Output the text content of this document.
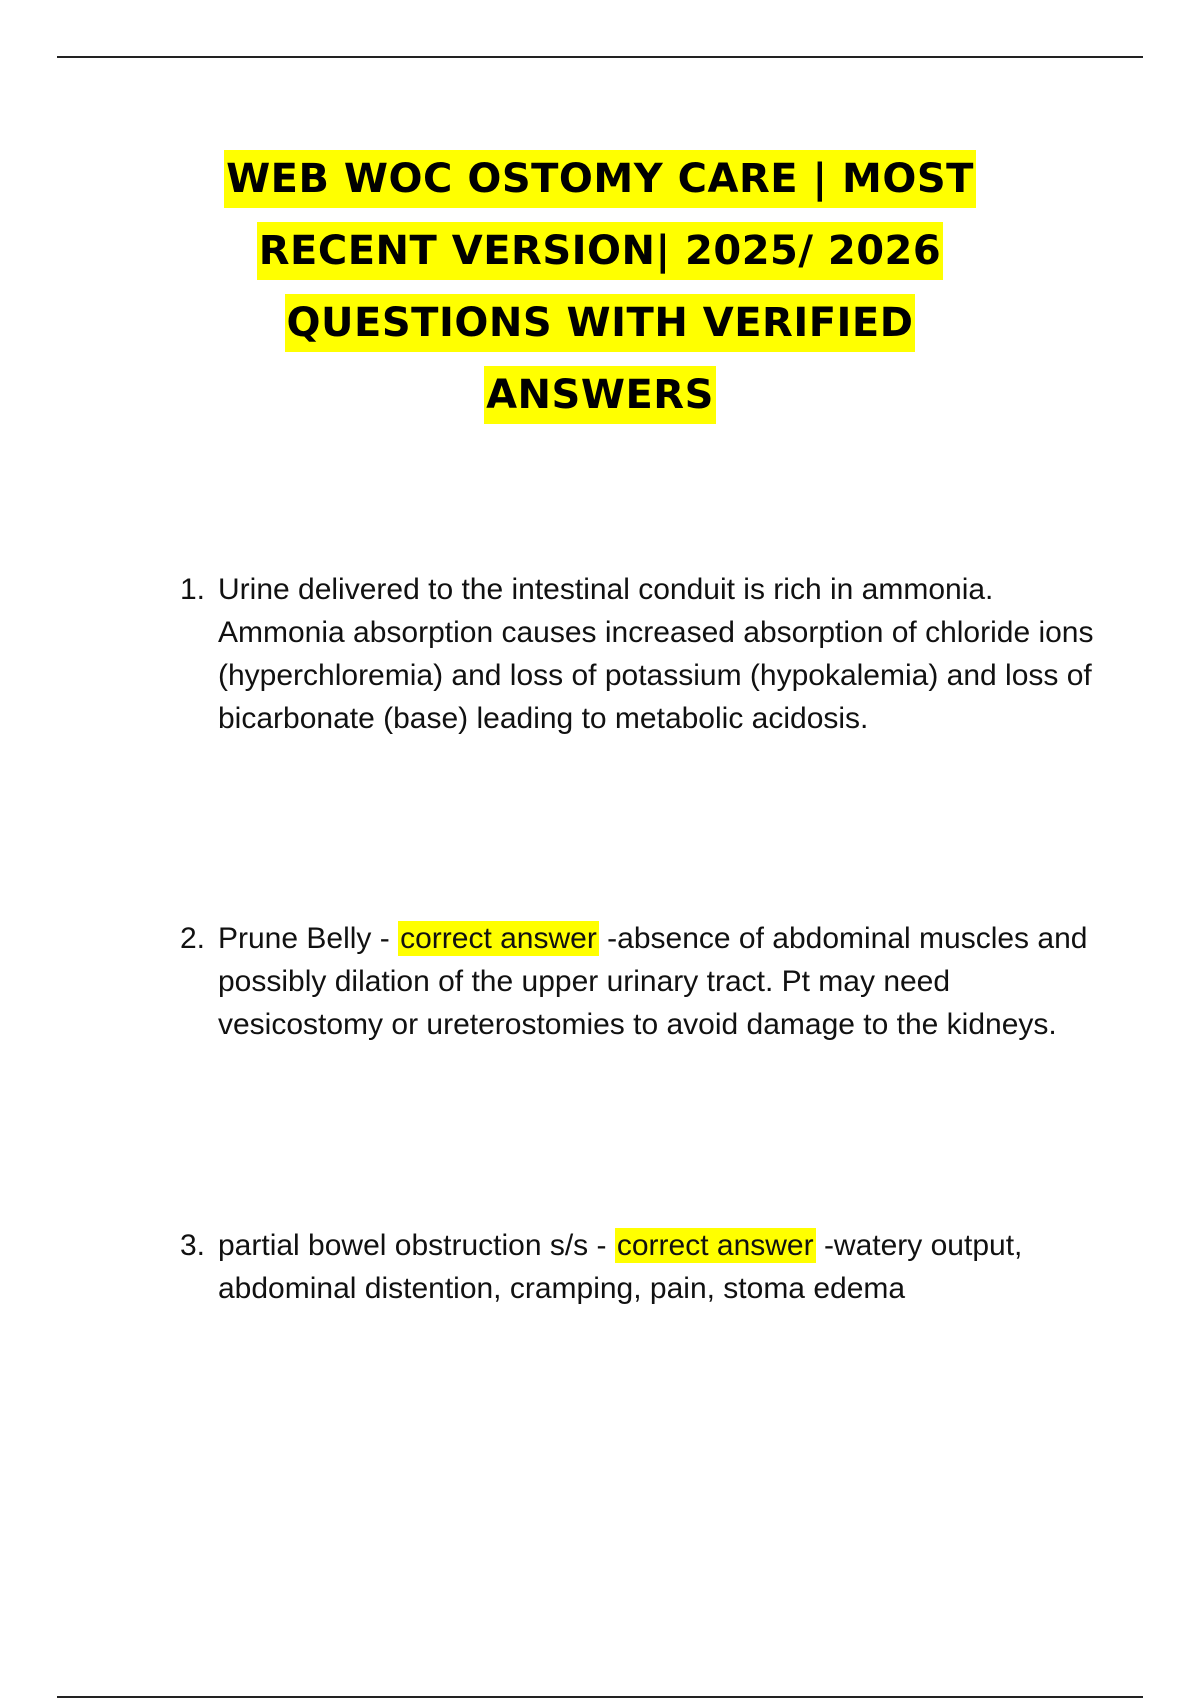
WEB WOC OSTOMY CARE | MOST
RECENT VERSION| 2025/ 2026
QUESTIONS WITH VERIFIED
ANSWERS
1. Urine delivered to the intestinal conduit is rich in ammonia. Ammonia absorption causes increased absorption of chloride ions (hyperchloremia) and loss of potassium (hypokalemia) and loss of bicarbonate (base) leading to metabolic acidosis.
2. Prune Belly - correct answer -absence of abdominal muscles and possibly dilation of the upper urinary tract. Pt may need vesicostomy or ureterostomies to avoid damage to the kidneys.
3. partial bowel obstruction s/s - correct answer -watery output, abdominal distention, cramping, pain, stoma edema
